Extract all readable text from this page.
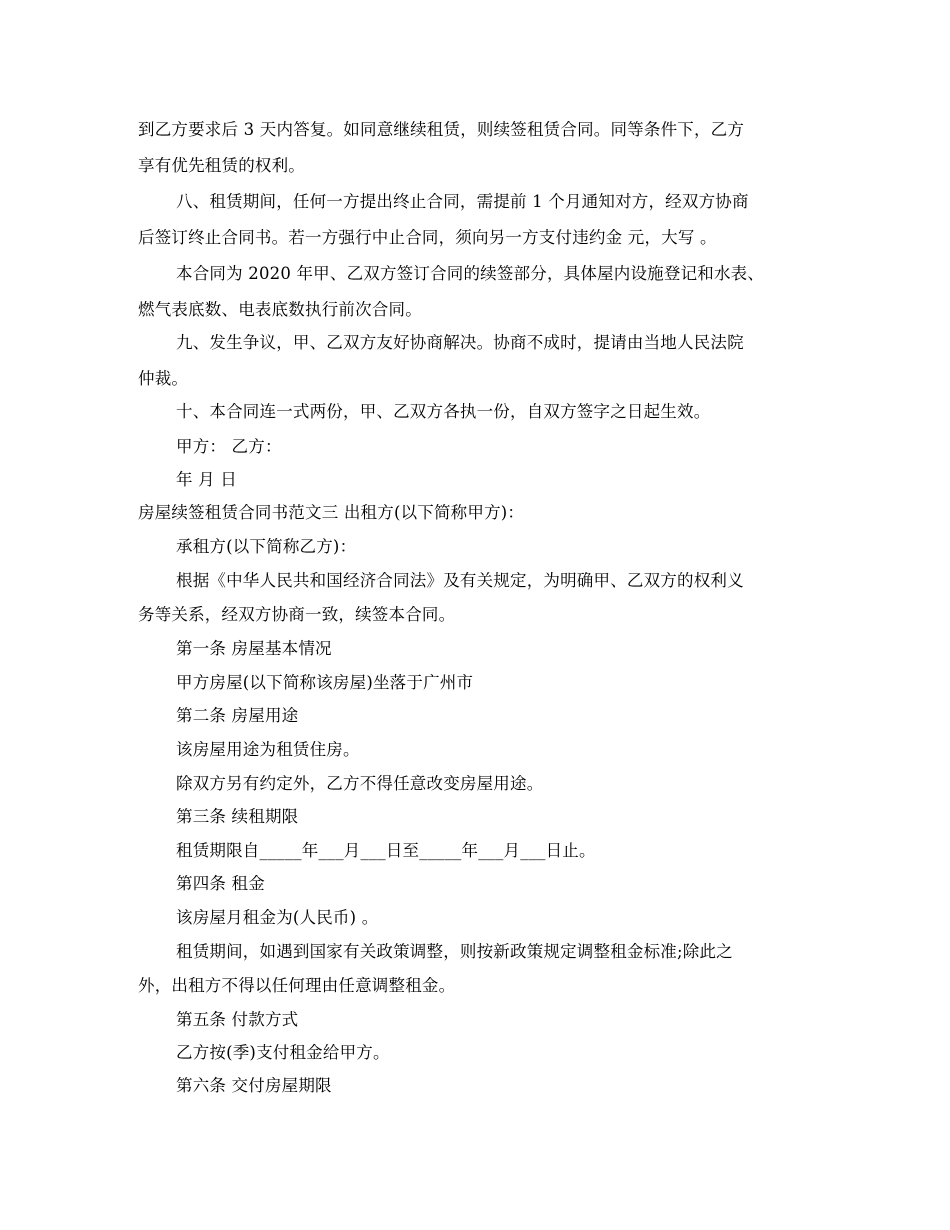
到乙方要求后 3 天内答复。如同意继续租赁，则续签租赁合同。同等条件下，乙方
享有优先租赁的权利。
八、租赁期间，任何一方提出终止合同，需提前 1 个月通知对方，经双方协商
后签订终止合同书。若一方强行中止合同，须向另一方支付违约金 元，大写 。
本合同为 2020 年甲、乙双方签订合同的续签部分，具体屋内设施登记和水表、
燃气表底数、电表底数执行前次合同。
九、发生争议，甲、乙双方友好协商解决。协商不成时，提请由当地人民法院
仲裁。
十、本合同连一式两份，甲、乙双方各执一份，自双方签字之日起生效。
甲方： 乙方：
年 月 日
房屋续签租赁合同书范文三 出租方(以下简称甲方)：
承租方(以下简称乙方)：
根据《中华人民共和国经济合同法》及有关规定，为明确甲、乙双方的权利义
务等关系，经双方协商一致，续签本合同。
第一条 房屋基本情况
甲方房屋(以下简称该房屋)坐落于广州市
第二条 房屋用途
该房屋用途为租赁住房。
除双方另有约定外，乙方不得任意改变房屋用途。
第三条 续租期限
租赁期限自_____年___月___日至_____年___月___日止。
第四条 租金
该房屋月租金为(人民币) 。
租赁期间，如遇到国家有关政策调整，则按新政策规定调整租金标准;除此之
外，出租方不得以任何理由任意调整租金。
第五条 付款方式
乙方按(季)支付租金给甲方。
第六条 交付房屋期限
